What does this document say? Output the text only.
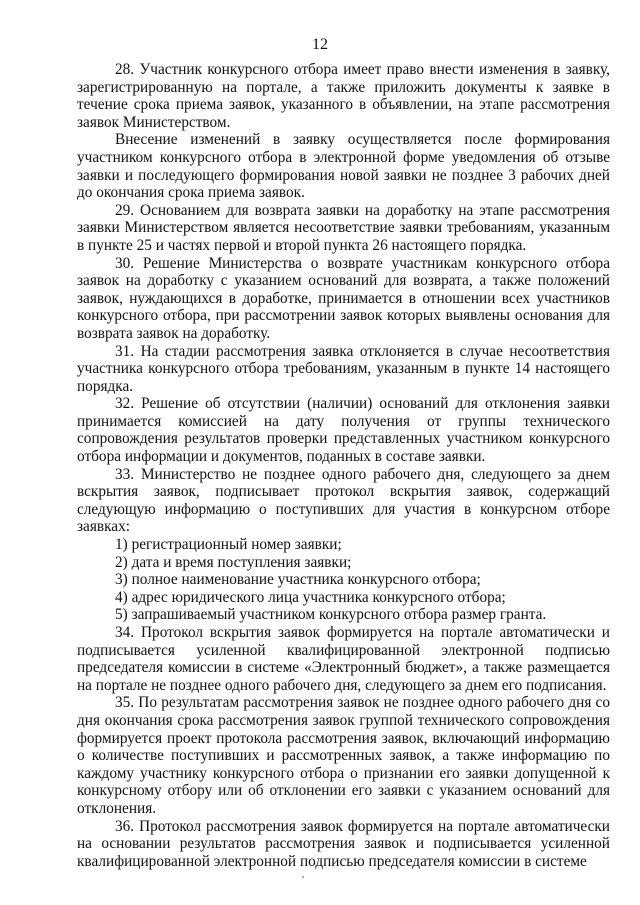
12

28. Участник конкурсного отбора имеет право внести изменения в заявку, зарегистрированную на портале, а также приложить документы к заявке в течение срока приема заявок, указанного в объявлении, на этапе рассмотрения заявок Министерством.

Внесение изменений в заявку осуществляется после формирования участником конкурсного отбора в электронной форме уведомления об отзыве заявки и последующего формирования новой заявки не позднее 3 рабочих дней до окончания срока приема заявок.

29. Основанием для возврата заявки на доработку на этапе рассмотрения заявки Министерством является несоответствие заявки требованиям, указанным в пункте 25 и частях первой и второй пункта 26 настоящего порядка.

30. Решение Министерства о возврате участникам конкурсного отбора заявок на доработку с указанием оснований для возврата, а также положений заявок, нуждающихся в доработке, принимается в отношении всех участников конкурсного отбора, при рассмотрении заявок которых выявлены основания для возврата заявок на доработку.

31. На стадии рассмотрения заявка отклоняется в случае несоответствия участника конкурсного отбора требованиям, указанным в пункте 14 настоящего порядка.

32. Решение об отсутствии (наличии) оснований для отклонения заявки принимается комиссией на дату получения от группы технического сопровождения результатов проверки представленных участником конкурсного отбора информации и документов, поданных в составе заявки.

33. Министерство не позднее одного рабочего дня, следующего за днем вскрытия заявок, подписывает протокол вскрытия заявок, содержащий следующую информацию о поступивших для участия в конкурсном отборе заявках:

1) регистрационный номер заявки;

2) дата и время поступления заявки;

3) полное наименование участника конкурсного отбора;

4) адрес юридического лица участника конкурсного отбора;

5) запрашиваемый участником конкурсного отбора размер гранта.

34. Протокол вскрытия заявок формируется на портале автоматически и подписывается усиленной квалифицированной электронной подписью председателя комиссии в системе «Электронный бюджет», а также размещается на портале не позднее одного рабочего дня, следующего за днем его подписания.

35. По результатам рассмотрения заявок не позднее одного рабочего дня со дня окончания срока рассмотрения заявок группой технического сопровождения формируется проект протокола рассмотрения заявок, включающий информацию о количестве поступивших и рассмотренных заявок, а также информацию по каждому участнику конкурсного отбора о признании его заявки допущенной к конкурсному отбору или об отклонении его заявки с указанием оснований для отклонения.

36. Протокол рассмотрения заявок формируется на портале автоматически на основании результатов рассмотрения заявок и подписывается усиленной квалифицированной электронной подписью председателя комиссии в системе
